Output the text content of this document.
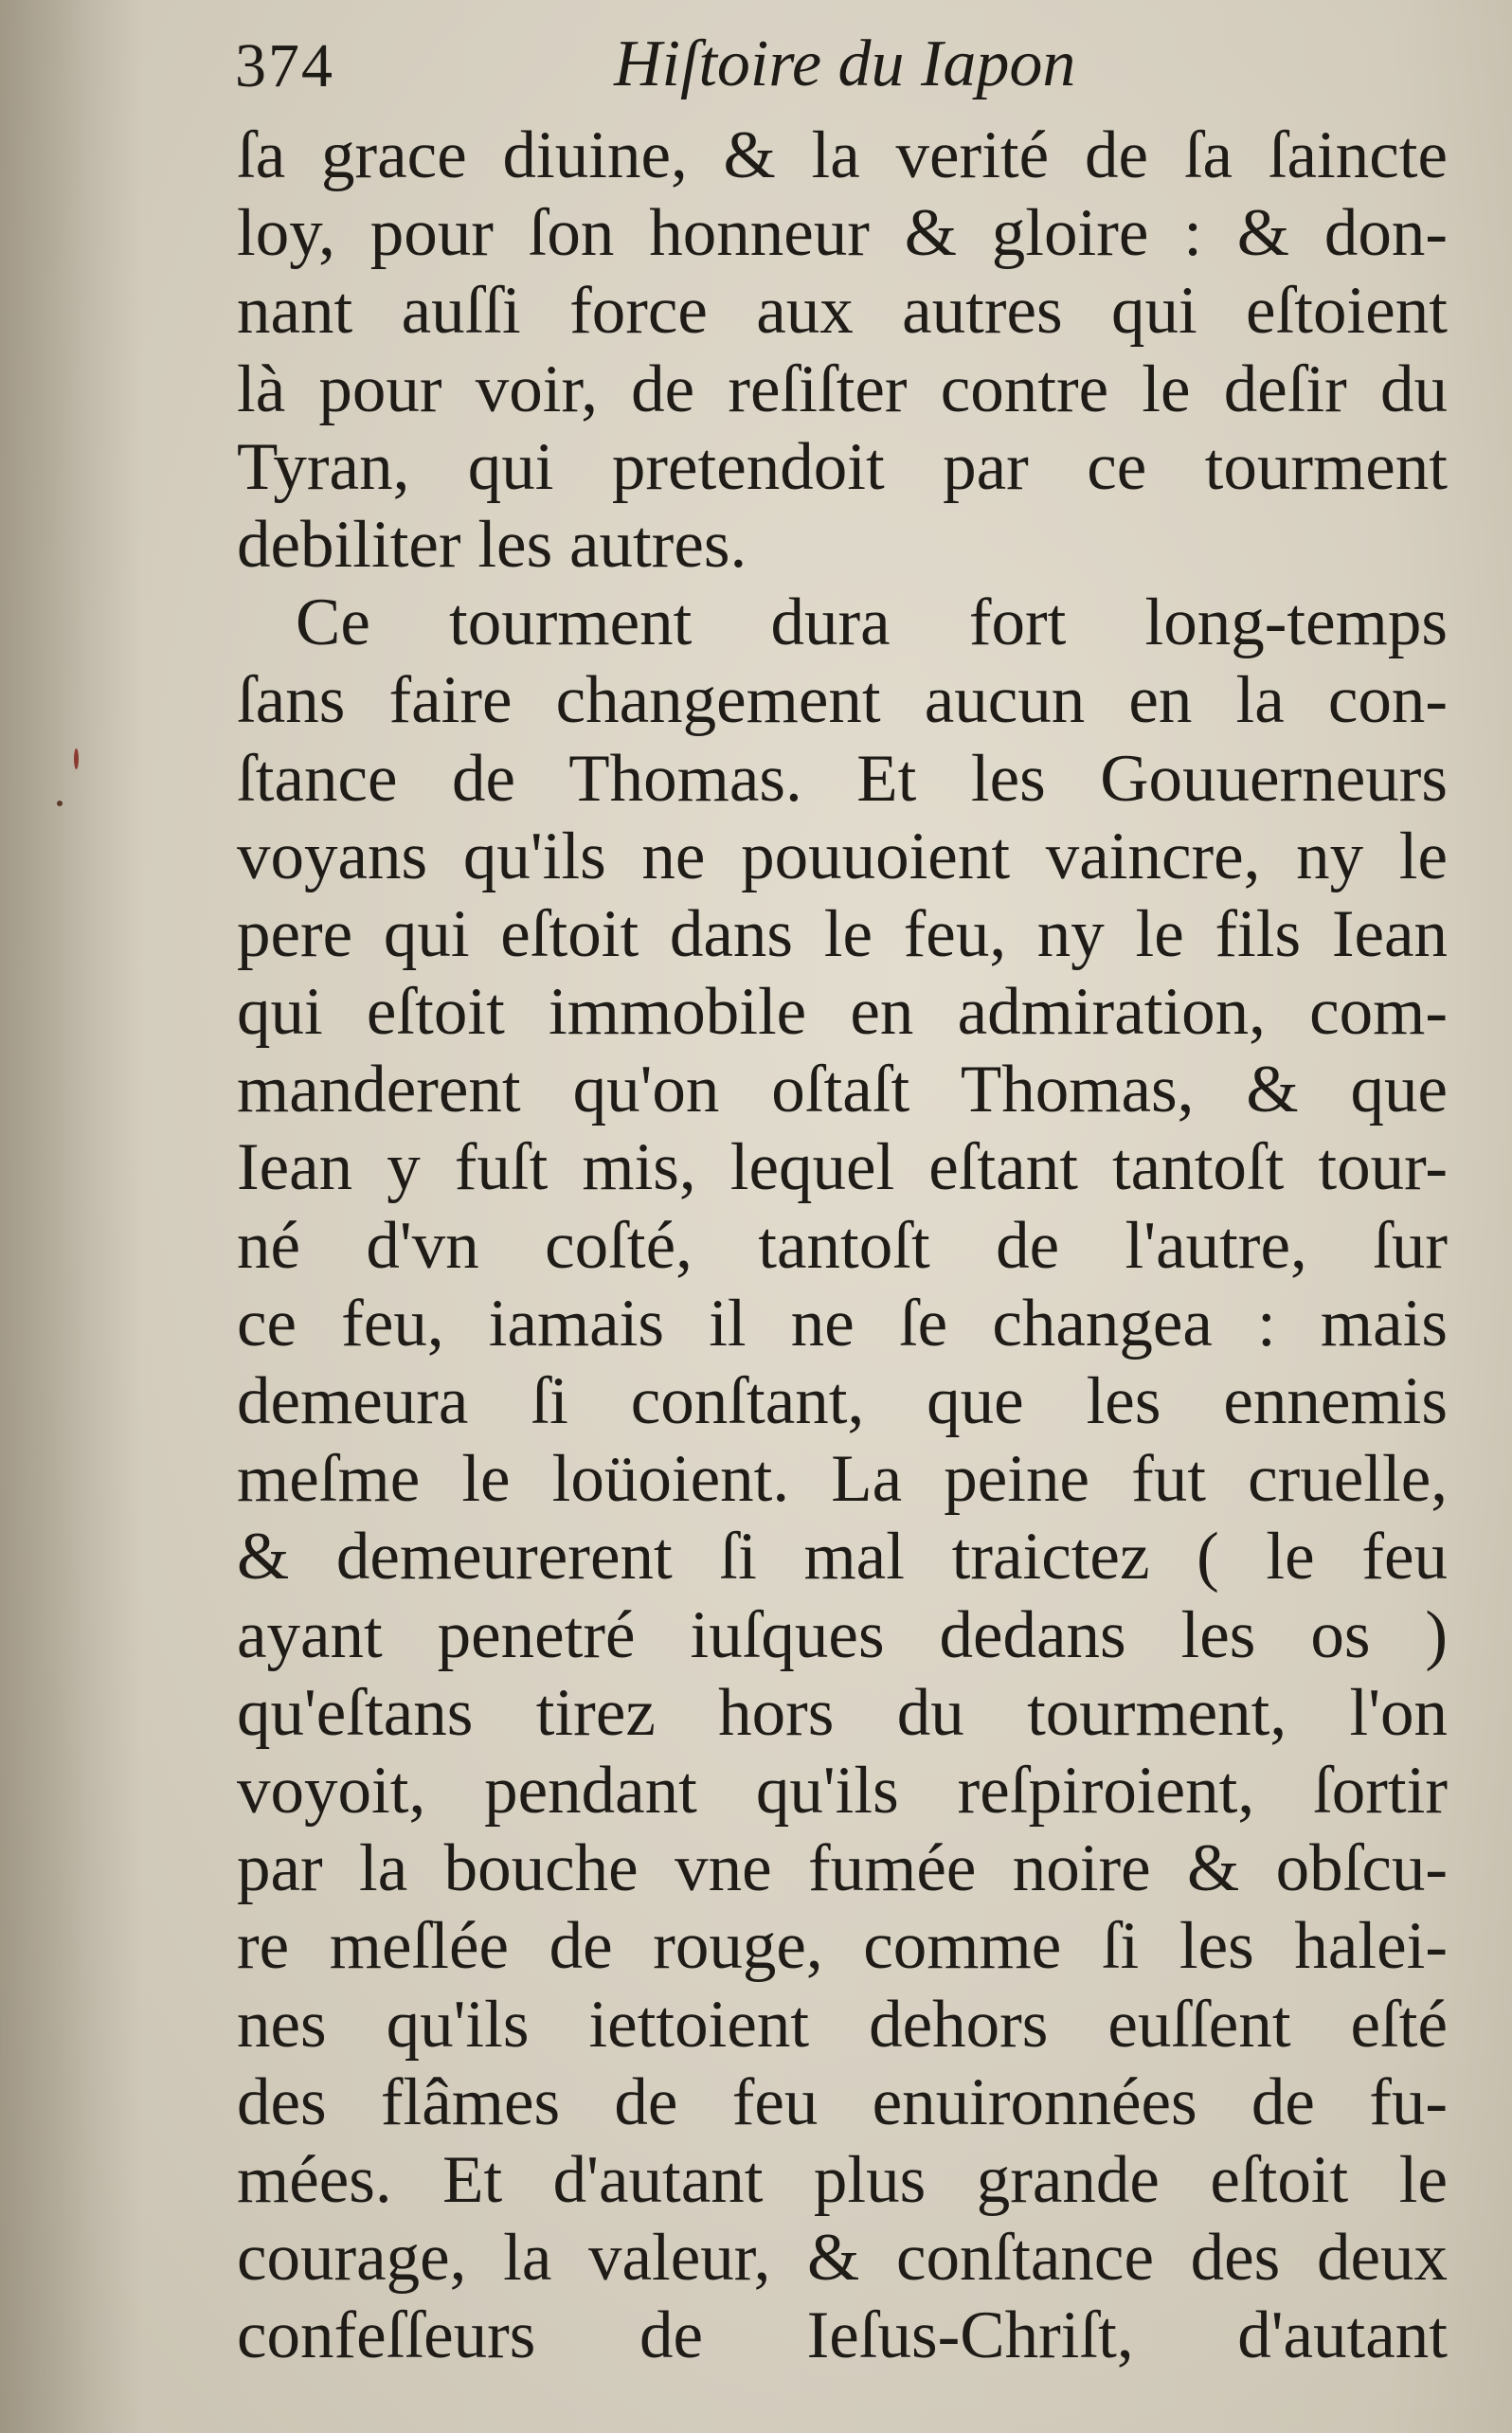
374	Hiſtoire du Iapon
ſa grace diuine, & la verité de ſa ſaincte
loy, pour ſon honneur & gloire : & don-
nant auſſi force aux autres qui eſtoient
là pour voir, de reſiſter contre le deſir du
Tyran, qui pretendoit par ce tourment
debiliter les autres.
Ce tourment dura fort long-temps
ſans faire changement aucun en la con-
ſtance de Thomas. Et les Gouuerneurs
voyans qu'ils ne pouuoient vaincre, ny le
pere qui eſtoit dans le feu, ny le fils Iean
qui eſtoit immobile en admiration, com-
manderent qu'on oſtaſt Thomas, & que
Iean y fuſt mis, lequel eſtant tantoſt tour-
né d'vn coſté, tantoſt de l'autre, ſur
ce feu, iamais il ne ſe changea : mais
demeura ſi conſtant, que les ennemis
meſme le loüoient. La peine fut cruelle,
& demeurerent ſi mal traictez ( le feu
ayant penetré iuſques dedans les os )
qu'eſtans tirez hors du tourment, l'on
voyoit, pendant qu'ils reſpiroient, ſortir
par la bouche vne fumée noire & obſcu-
re meſlée de rouge, comme ſi les halei-
nes qu'ils iettoient dehors euſſent eſté
des flâmes de feu enuironnées de fu-
mées. Et d'autant plus grande eſtoit le
courage, la valeur, & conſtance des deux
confeſſeurs de Ieſus-Chriſt, d'autant
